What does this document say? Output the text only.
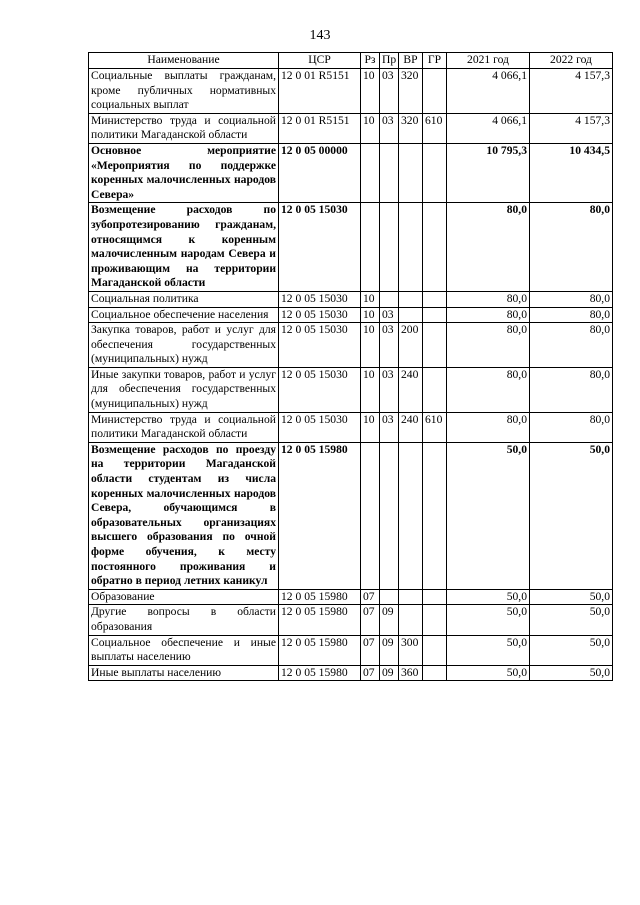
143
Наименование	ЦСР	Рз	Пр	ВР	ГР	2021 год	2022 год
Социальные выплаты гражданам, кроме публичных нормативных социальных выплат	12 0 01 R5151	10	03	320		4 066,1	4 157,3
Министерство труда и социальной политики Магаданской области	12 0 01 R5151	10	03	320	610	4 066,1	4 157,3
Основное мероприятие «Мероприятия по поддержке коренных малочисленных народов Севера»	12 0 05 00000					10 795,3	10 434,5
Возмещение расходов по зубопротезированию гражданам, относящимся к коренным малочисленным народам Севера и проживающим на территории Магаданской области	12 0 05 15030					80,0	80,0
Социальная политика	12 0 05 15030	10				80,0	80,0
Социальное обеспечение населения	12 0 05 15030	10	03			80,0	80,0
Закупка товаров, работ и услуг для обеспечения государственных (муниципальных) нужд	12 0 05 15030	10	03	200		80,0	80,0
Иные закупки товаров, работ и услуг для обеспечения государственных (муниципальных) нужд	12 0 05 15030	10	03	240		80,0	80,0
Министерство труда и социальной политики Магаданской области	12 0 05 15030	10	03	240	610	80,0	80,0
Возмещение расходов по проезду на территории Магаданской области студентам из числа коренных малочисленных народов Севера, обучающимся в образовательных организациях высшего образования по очной форме обучения, к месту постоянного проживания и обратно в период летних каникул	12 0 05 15980					50,0	50,0
Образование	12 0 05 15980	07				50,0	50,0
Другие вопросы в области образования	12 0 05 15980	07	09			50,0	50,0
Социальное обеспечение и иные выплаты населению	12 0 05 15980	07	09	300		50,0	50,0
Иные выплаты населению	12 0 05 15980	07	09	360		50,0	50,0
